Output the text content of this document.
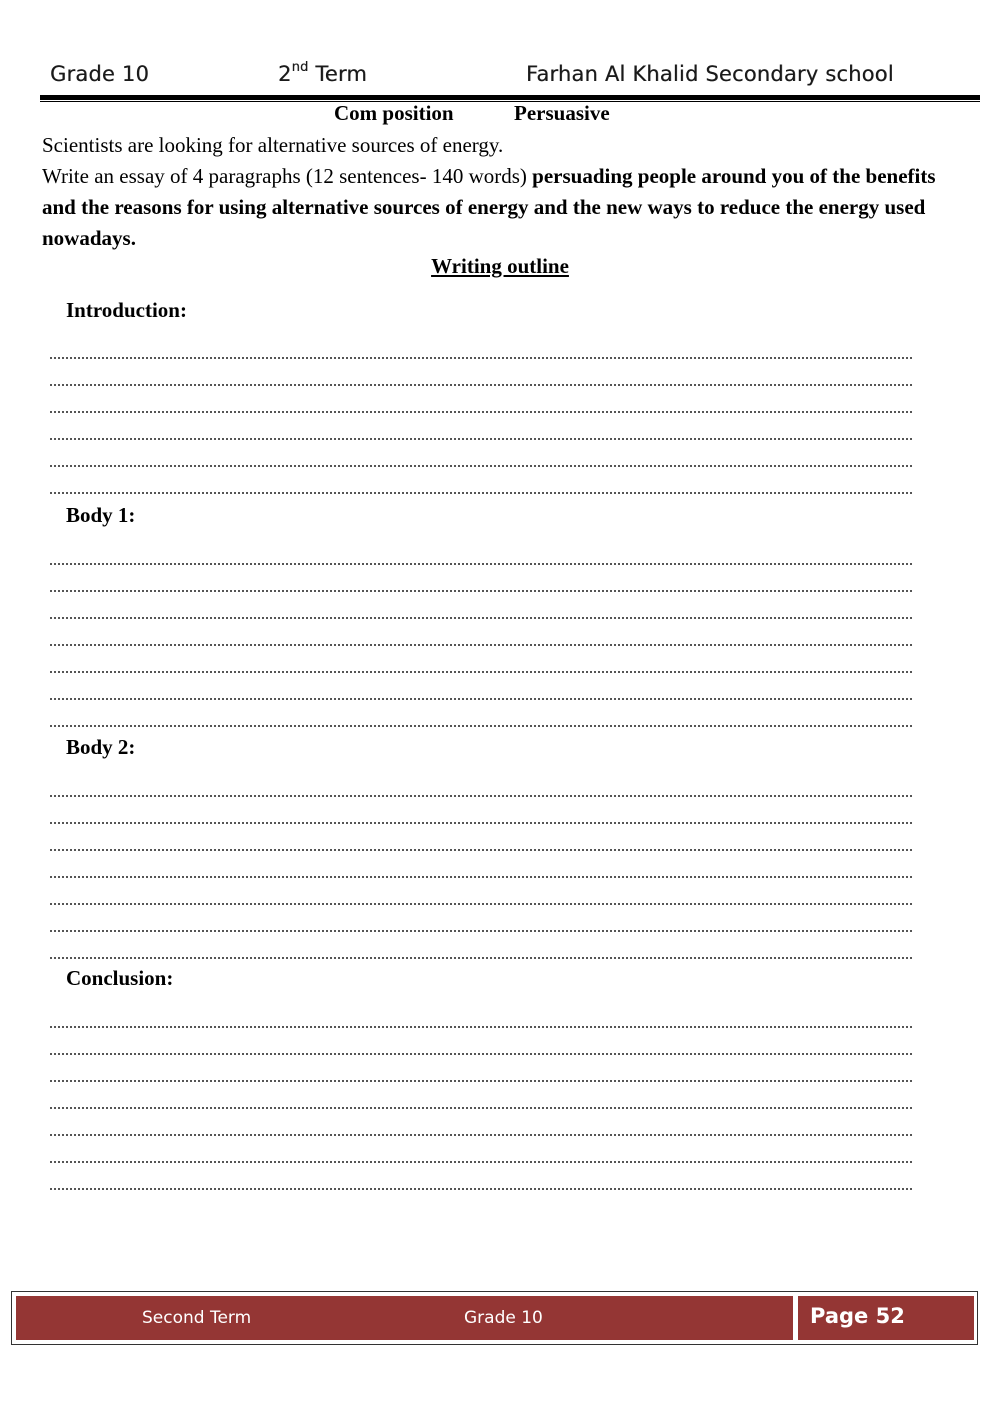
Grade 10	2nd Term	Farhan Al Khalid Secondary school
Com position	Persuasive

Scientists are looking for alternative sources of energy.
Write an essay of 4 paragraphs (12 sentences- 140 words) persuading people around you of the benefits and the reasons for using alternative sources of energy and the new ways to reduce the energy used nowadays.

Writing outline
Introduction:
Body 1:
Body 2:
Conclusion:
Second Term	Grade 10	Page 52
